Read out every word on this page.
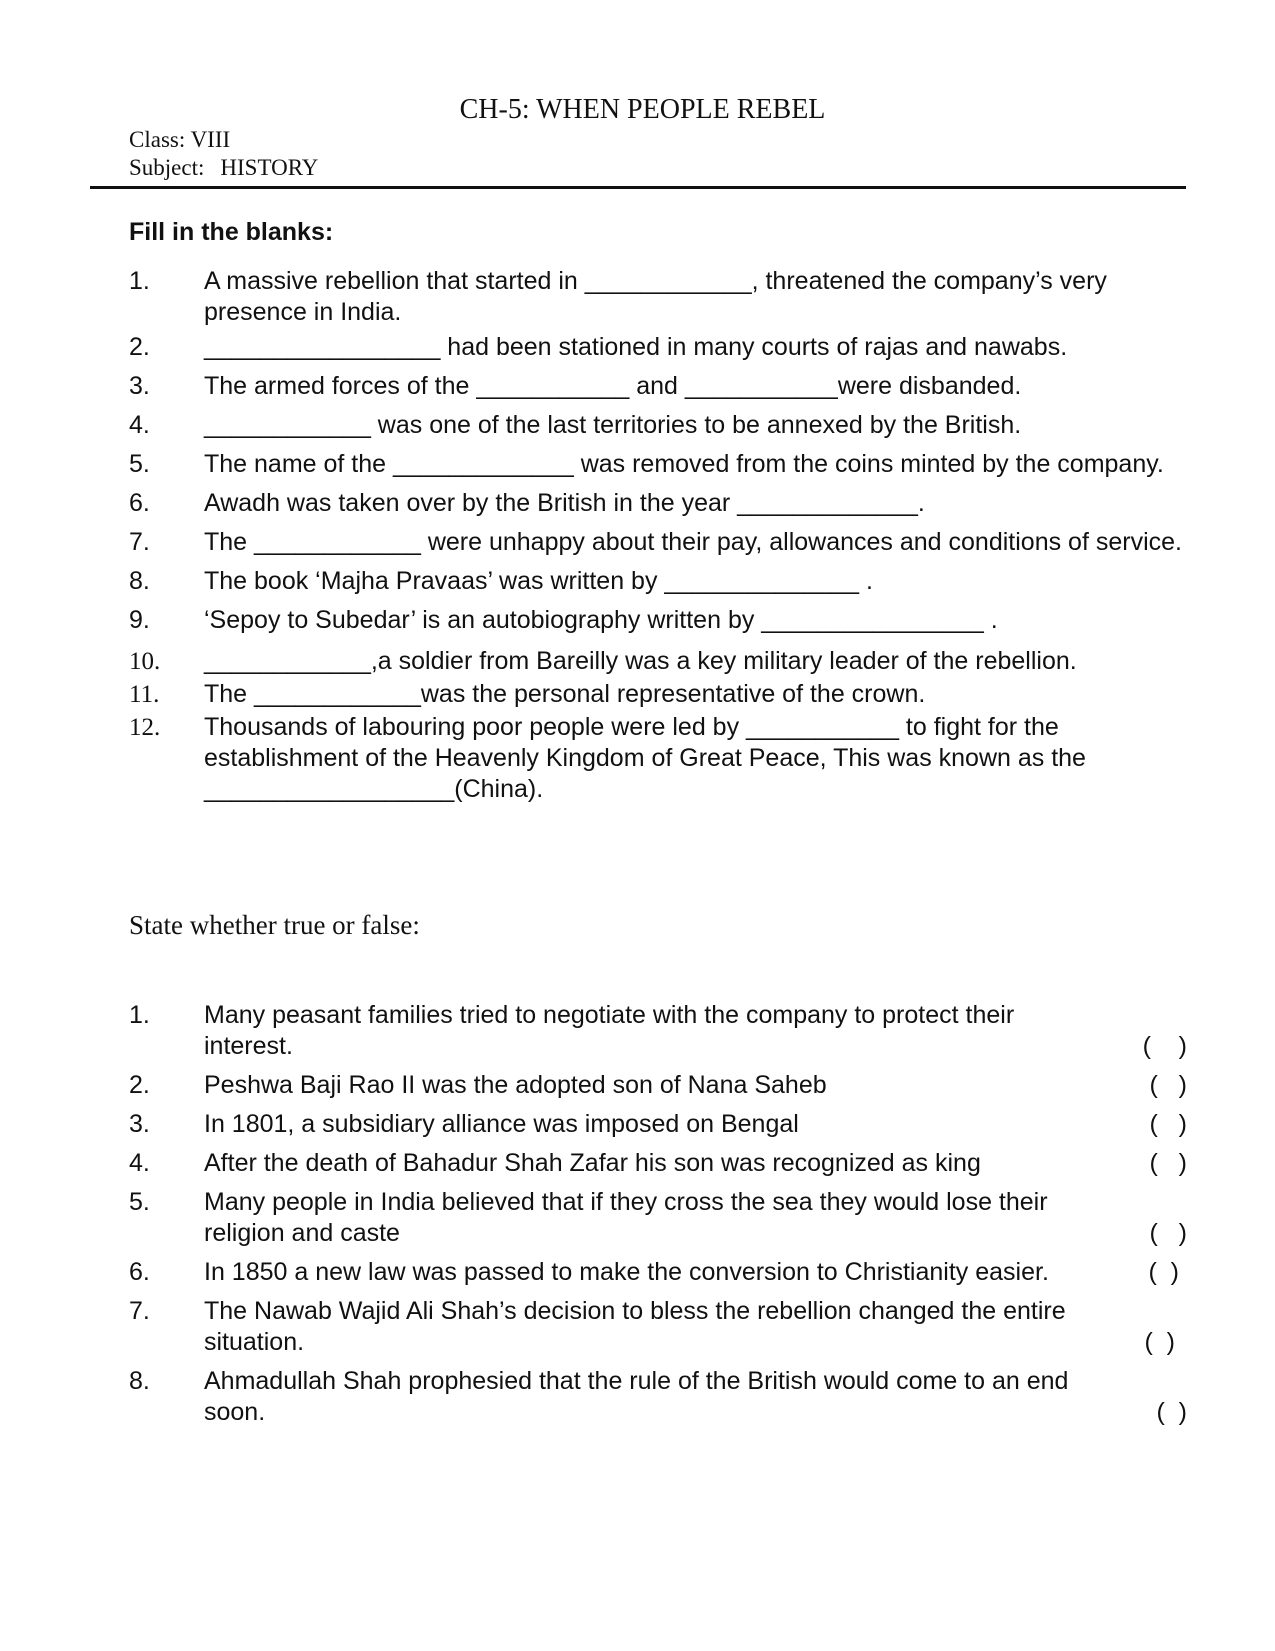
CH-5: WHEN PEOPLE REBEL
Class: VIII
Subject: HISTORY
Fill in the blanks:
1. A massive rebellion that started in ____________, threatened the company’s very presence in India.
2. _________________ had been stationed in many courts of rajas and nawabs.
3. The armed forces of the ___________ and ___________were disbanded.
4. ____________ was one of the last territories to be annexed by the British.
5. The name of the _____________ was removed from the coins minted by the company.
6. Awadh was taken over by the British in the year _____________.
7. The ____________ were unhappy about their pay, allowances and conditions of service.
8. The book ‘Majha Pravaas’ was written by ______________ .
9. ‘Sepoy to Subedar’ is an autobiography written by ________________ .
10. ____________,a soldier from Bareilly was a key military leader of the rebellion.
11. The ____________was the personal representative of the crown.
12. Thousands of labouring poor people were led by ___________ to fight for the establishment of the Heavenly Kingdom of Great Peace, This was known as the __________________(China).
State whether true or false:
1. Many peasant families tried to negotiate with the company to protect their interest.	(    )
2. Peshwa Baji Rao II was the adopted son of Nana Saheb	(   )
3. In 1801, a subsidiary alliance was imposed on Bengal	(   )
4. After the death of Bahadur Shah Zafar his son was recognized as king	(   )
5. Many people in India believed that if they cross the sea they would lose their religion and caste	(   )
6. In 1850 a new law was passed to make the conversion to Christianity easier.	(  )
7. The Nawab Wajid Ali Shah’s decision to bless the rebellion changed the entire situation.	(  )
8. Ahmadullah Shah prophesied that the rule of the British would come to an end soon.	(  )
